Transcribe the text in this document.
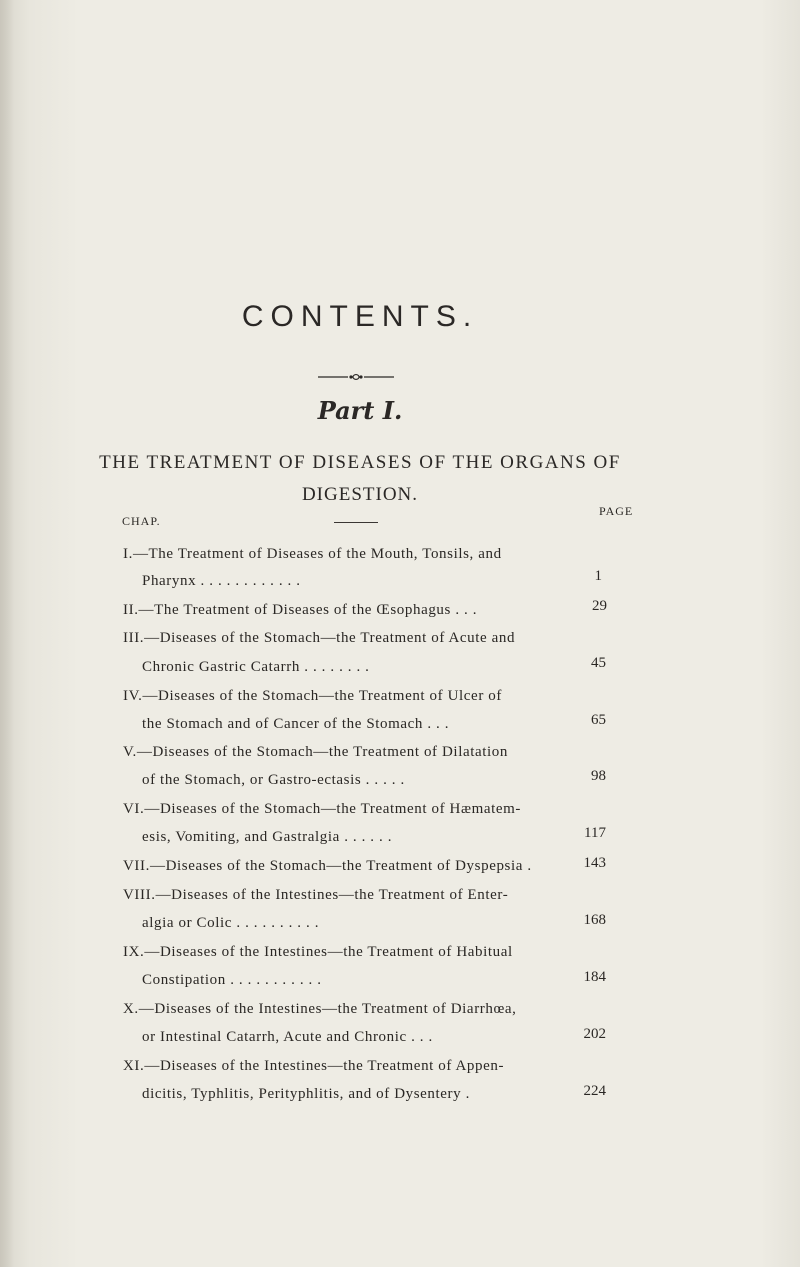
CONTENTS.
Part I.
THE TREATMENT OF DISEASES OF THE ORGANS OF
DIGESTION.
CHAP.
PAGE
I.—The Treatment of Diseases of the Mouth, Tonsils, and
Pharynx . . . . . . . . . . . .	1
II.—The Treatment of Diseases of the Œsophagus . . .	29
III.—Diseases of the Stomach—the Treatment of Acute and
Chronic Gastric Catarrh . . . . . . . .	45
IV.—Diseases of the Stomach—the Treatment of Ulcer of
the Stomach and of Cancer of the Stomach . . .	65
V.—Diseases of the Stomach—the Treatment of Dilatation
of the Stomach, or Gastro-ectasis . . . . .	98
VI.—Diseases of the Stomach—the Treatment of Hæmatem-
esis, Vomiting, and Gastralgia . . . . . .	117
VII.—Diseases of the Stomach—the Treatment of Dyspepsia .	143
VIII.—Diseases of the Intestines—the Treatment of Enter-
algia or Colic . . . . . . . . . .	168
IX.—Diseases of the Intestines—the Treatment of Habitual
Constipation . . . . . . . . . . .	184
X.—Diseases of the Intestines—the Treatment of Diarrhœa,
or Intestinal Catarrh, Acute and Chronic . . .	202
XI.—Diseases of the Intestines—the Treatment of Appen-
dicitis, Typhlitis, Perityphlitis, and of Dysentery .	224
